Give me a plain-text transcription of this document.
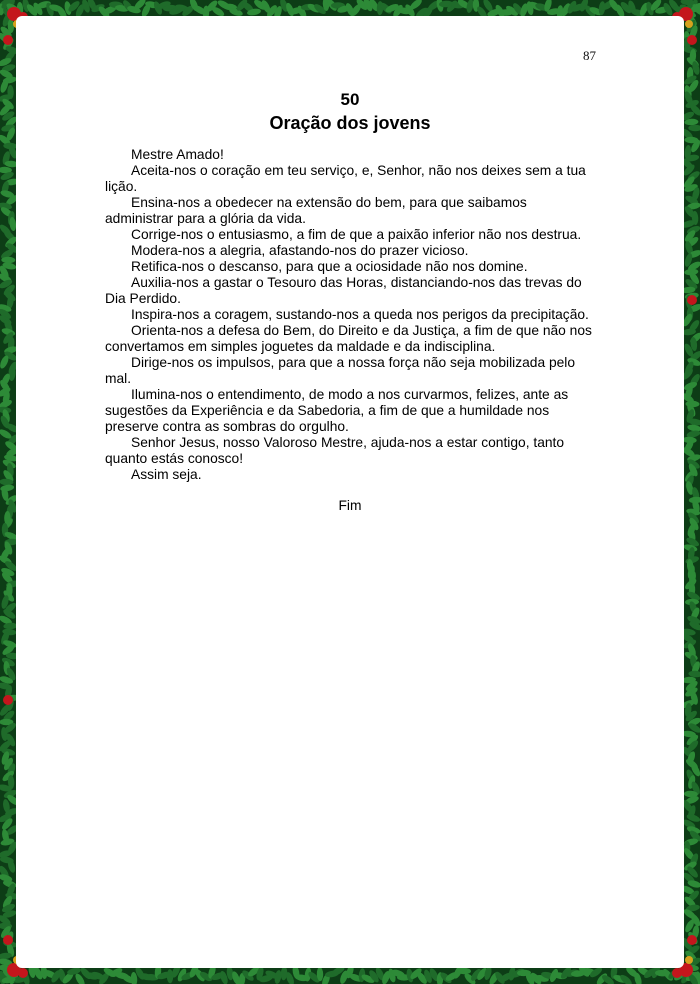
87
50
Oração dos jovens

Mestre Amado!

Aceita-nos o coração em teu serviço, e, Senhor, não nos deixes sem a tua lição.

Ensina-nos a obedecer na extensão do bem, para que saibamos administrar para a glória da vida.

Corrige-nos o entusiasmo, a fim de que a paixão inferior não nos destrua.

Modera-nos a alegria, afastando-nos do prazer vicioso.

Retifica-nos o descanso, para que a ociosidade não nos domine.

Auxilia-nos a gastar o Tesouro das Horas, distanciando-nos das trevas do Dia Perdido.

Inspira-nos a coragem, sustando-nos a queda nos perigos da precipitação.

Orienta-nos a defesa do Bem, do Direito e da Justiça, a fim de que não nos convertamos em simples joguetes da maldade e da indisciplina.

Dirige-nos os impulsos, para que a nossa força não seja mobilizada pelo mal.

Ilumina-nos o entendimento, de modo a nos curvarmos, felizes, ante as sugestões da Experiência e da Sabedoria, a fim de que a humildade nos preserve contra as sombras do orgulho.

Senhor Jesus, nosso Valoroso Mestre, ajuda-nos a estar contigo, tanto quanto estás conosco!

Assim seja.

Fim
